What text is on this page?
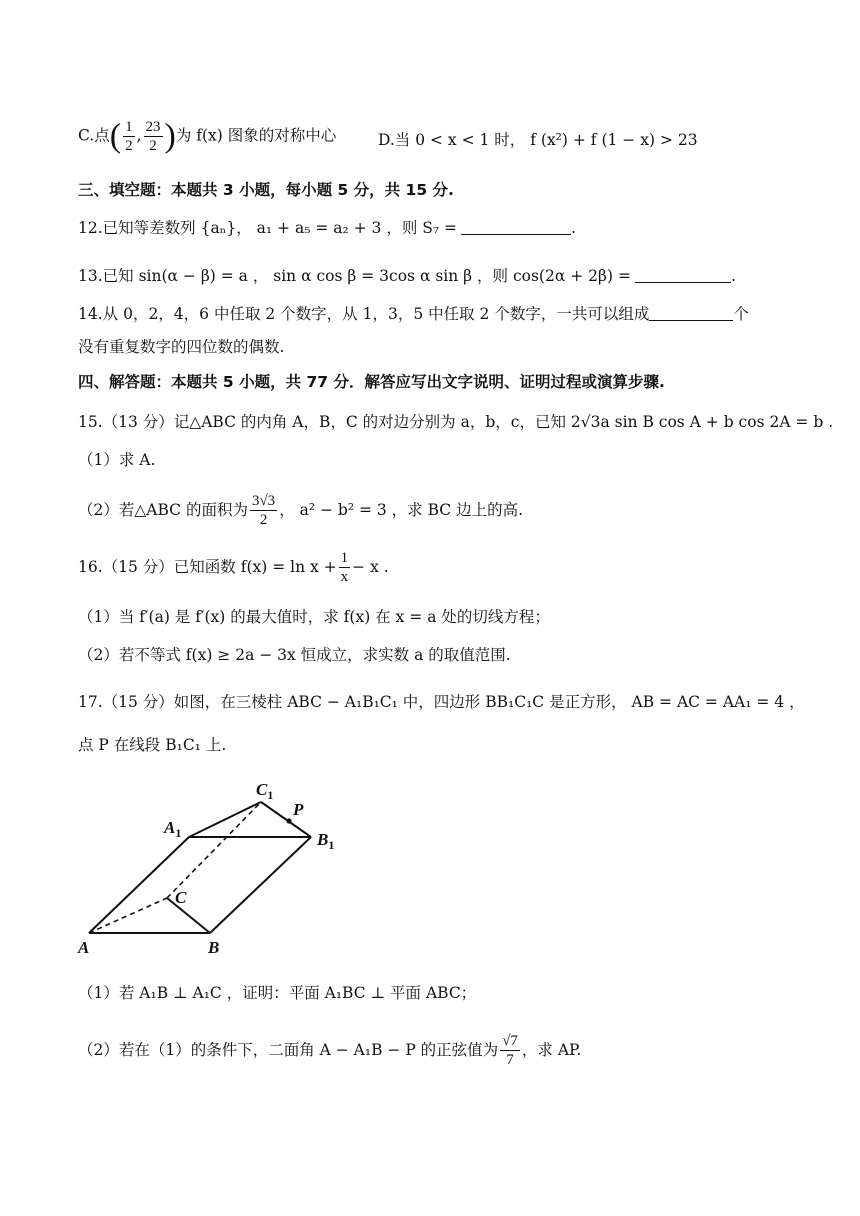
C.点( $\frac{1}{2}$ , $\frac{23}{2}$ )为 f(x) 图象的对称中心	D.当 0 < x < 1 时， f (x²) + f (1 − x) > 23
三、填空题：本题共 3 小题，每小题 5 分，共 15 分.
12.已知等差数列 {aₙ}， a₁ + a₅ = a₂ + 3 ，则 S₇ =	.
13.已知 sin(α − β) = a ， sin α cos β = 3cos α sin β ，则 cos(2α + 2β) =	.
14.从 0，2，4，6 中任取 2 个数字，从 1，3，5 中任取 2 个数字，一共可以组成	个
没有重复数字的四位数的偶数.
四、解答题：本题共 5 小题，共 77 分．解答应写出文字说明、证明过程或演算步骤.
15.（13 分）记△ABC 的内角 A，B，C 的对边分别为 a，b，c，已知 2√3a sin B cos A + b cos 2A = b .
（1）求 A.
（2）若△ABC 的面积为 $\frac{3√3}{2}$ ， a² − b² = 3 ，求 BC 边上的高.
16.（15 分）已知函数 $f(x) = \ln x + \frac{1}{x} - x$ .
（1）当 f′(a) 是 f′(x) 的最大值时，求 f(x) 在 x = a 处的切线方程；
（2）若不等式 f(x) ≥ 2a − 3x 恒成立，求实数 a 的取值范围.
17.（15 分）如图，在三棱柱 ABC − A₁B₁C₁ 中，四边形 BB₁C₁C 是正方形， AB = AC = AA₁ = 4 ，
点 P 在线段 B₁C₁ 上.
A	B
C
$A_1$	$B_1$
$C_1$
P
（1）若 A₁B ⊥ A₁C ，证明：平面 A₁BC ⊥ 平面 ABC；
（2）若在（1）的条件下，二面角 A − A₁B − P 的正弦值为 $\frac{√7}{7}$ ，求 AP.
